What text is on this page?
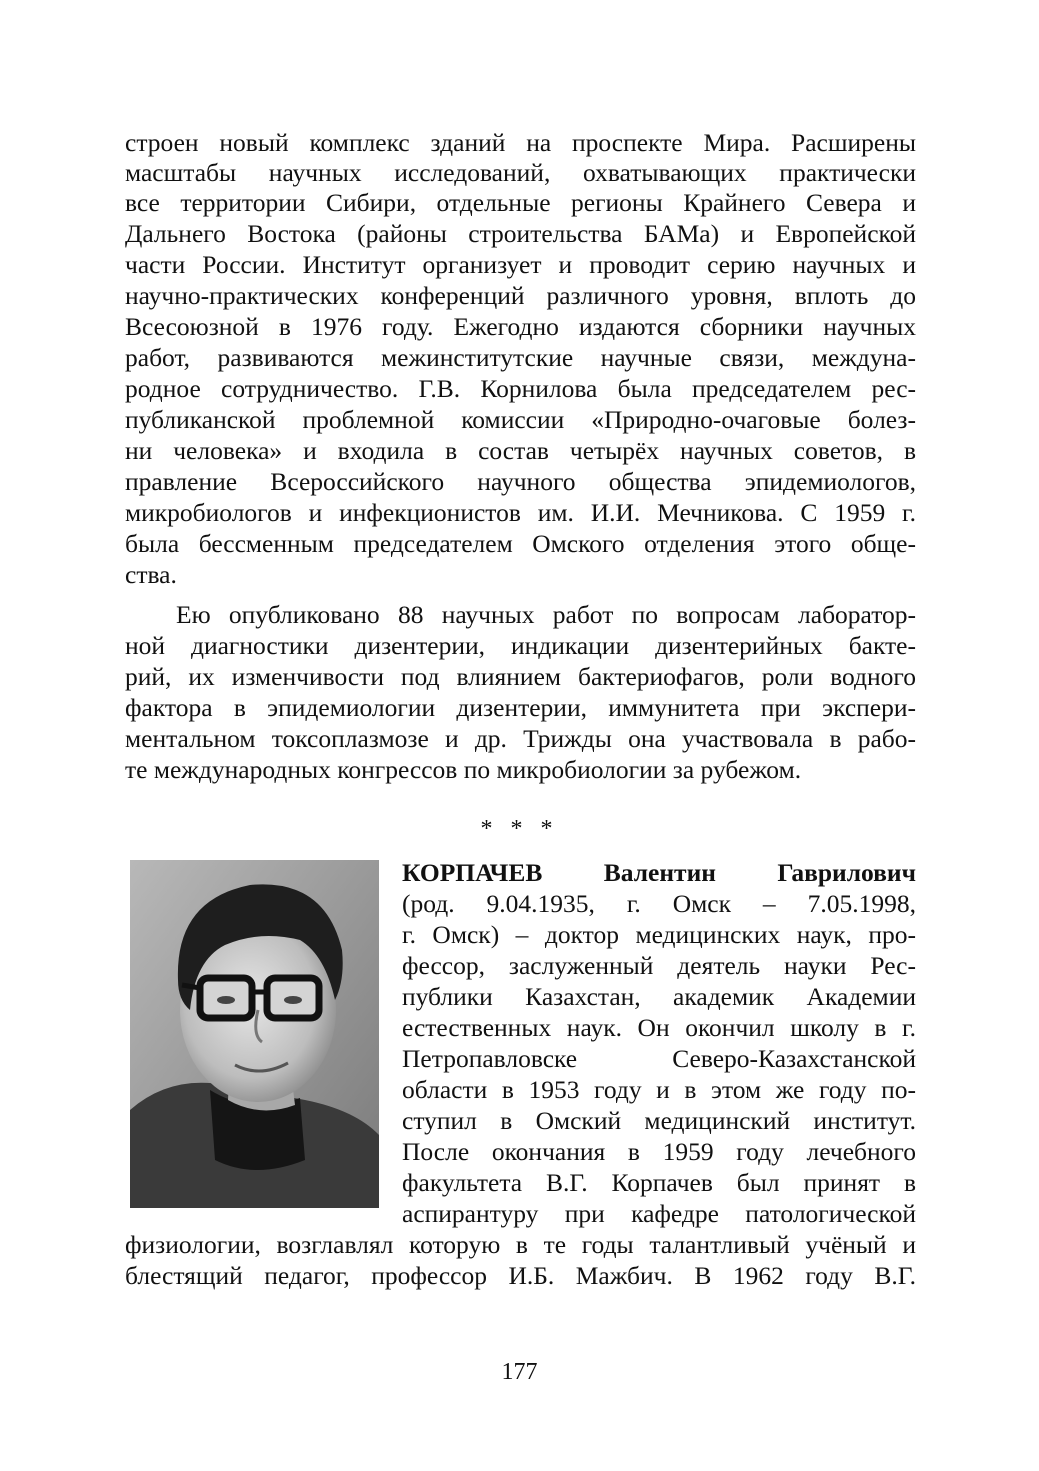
строен новый комплекс зданий на проспекте Мира. Расширены
масштабы научных исследований, охватывающих практически
все территории Сибири, отдельные регионы Крайнего Севера и
Дальнего Востока (районы строительства БАМа) и Европейской
части России. Институт организует и проводит серию научных и
научно-практических конференций различного уровня, вплоть до
Всесоюзной в 1976 году. Ежегодно издаются сборники научных
работ, развиваются межинститутские научные связи, междуна-
родное сотрудничество. Г.В. Корнилова была председателем рес-
публиканской проблемной комиссии «Природно-очаговые болез-
ни человека» и входила в состав четырёх научных советов, в
правление Всероссийского научного общества эпидемиологов,
микробиологов и инфекционистов им. И.И. Мечникова. С 1959 г.
была бессменным председателем Омского отделения этого обще-
ства.
Ею опубликовано 88 научных работ по вопросам лаборатор-
ной диагностики дизентерии, индикации дизентерийных бакте-
рий, их изменчивости под влиянием бактериофагов, роли водного
фактора в эпидемиологии дизентерии, иммунитета при экспери-
ментальном токсоплазмозе и др. Трижды она участвовала в рабо-
те международных конгрессов по микробиологии за рубежом.
* * *
КОРПАЧЕВ Валентин Гаврилович
(род. 9.04.1935, г. Омск – 7.05.1998,
г. Омск) – доктор медицинских наук, про-
фессор, заслуженный деятель науки Рес-
публики Казахстан, академик Академии
естественных наук. Он окончил школу в г.
Петропавловске Северо-Казахстанской
области в 1953 году и в этом же году по-
ступил в Омский медицинский институт.
После окончания в 1959 году лечебного
факультета В.Г. Корпачев был принят в
аспирантуру при кафедре патологической
физиологии, возглавлял которую в те годы талантливый учёный и
блестящий педагог, профессор И.Б. Мажбич. В 1962 году В.Г.
177
